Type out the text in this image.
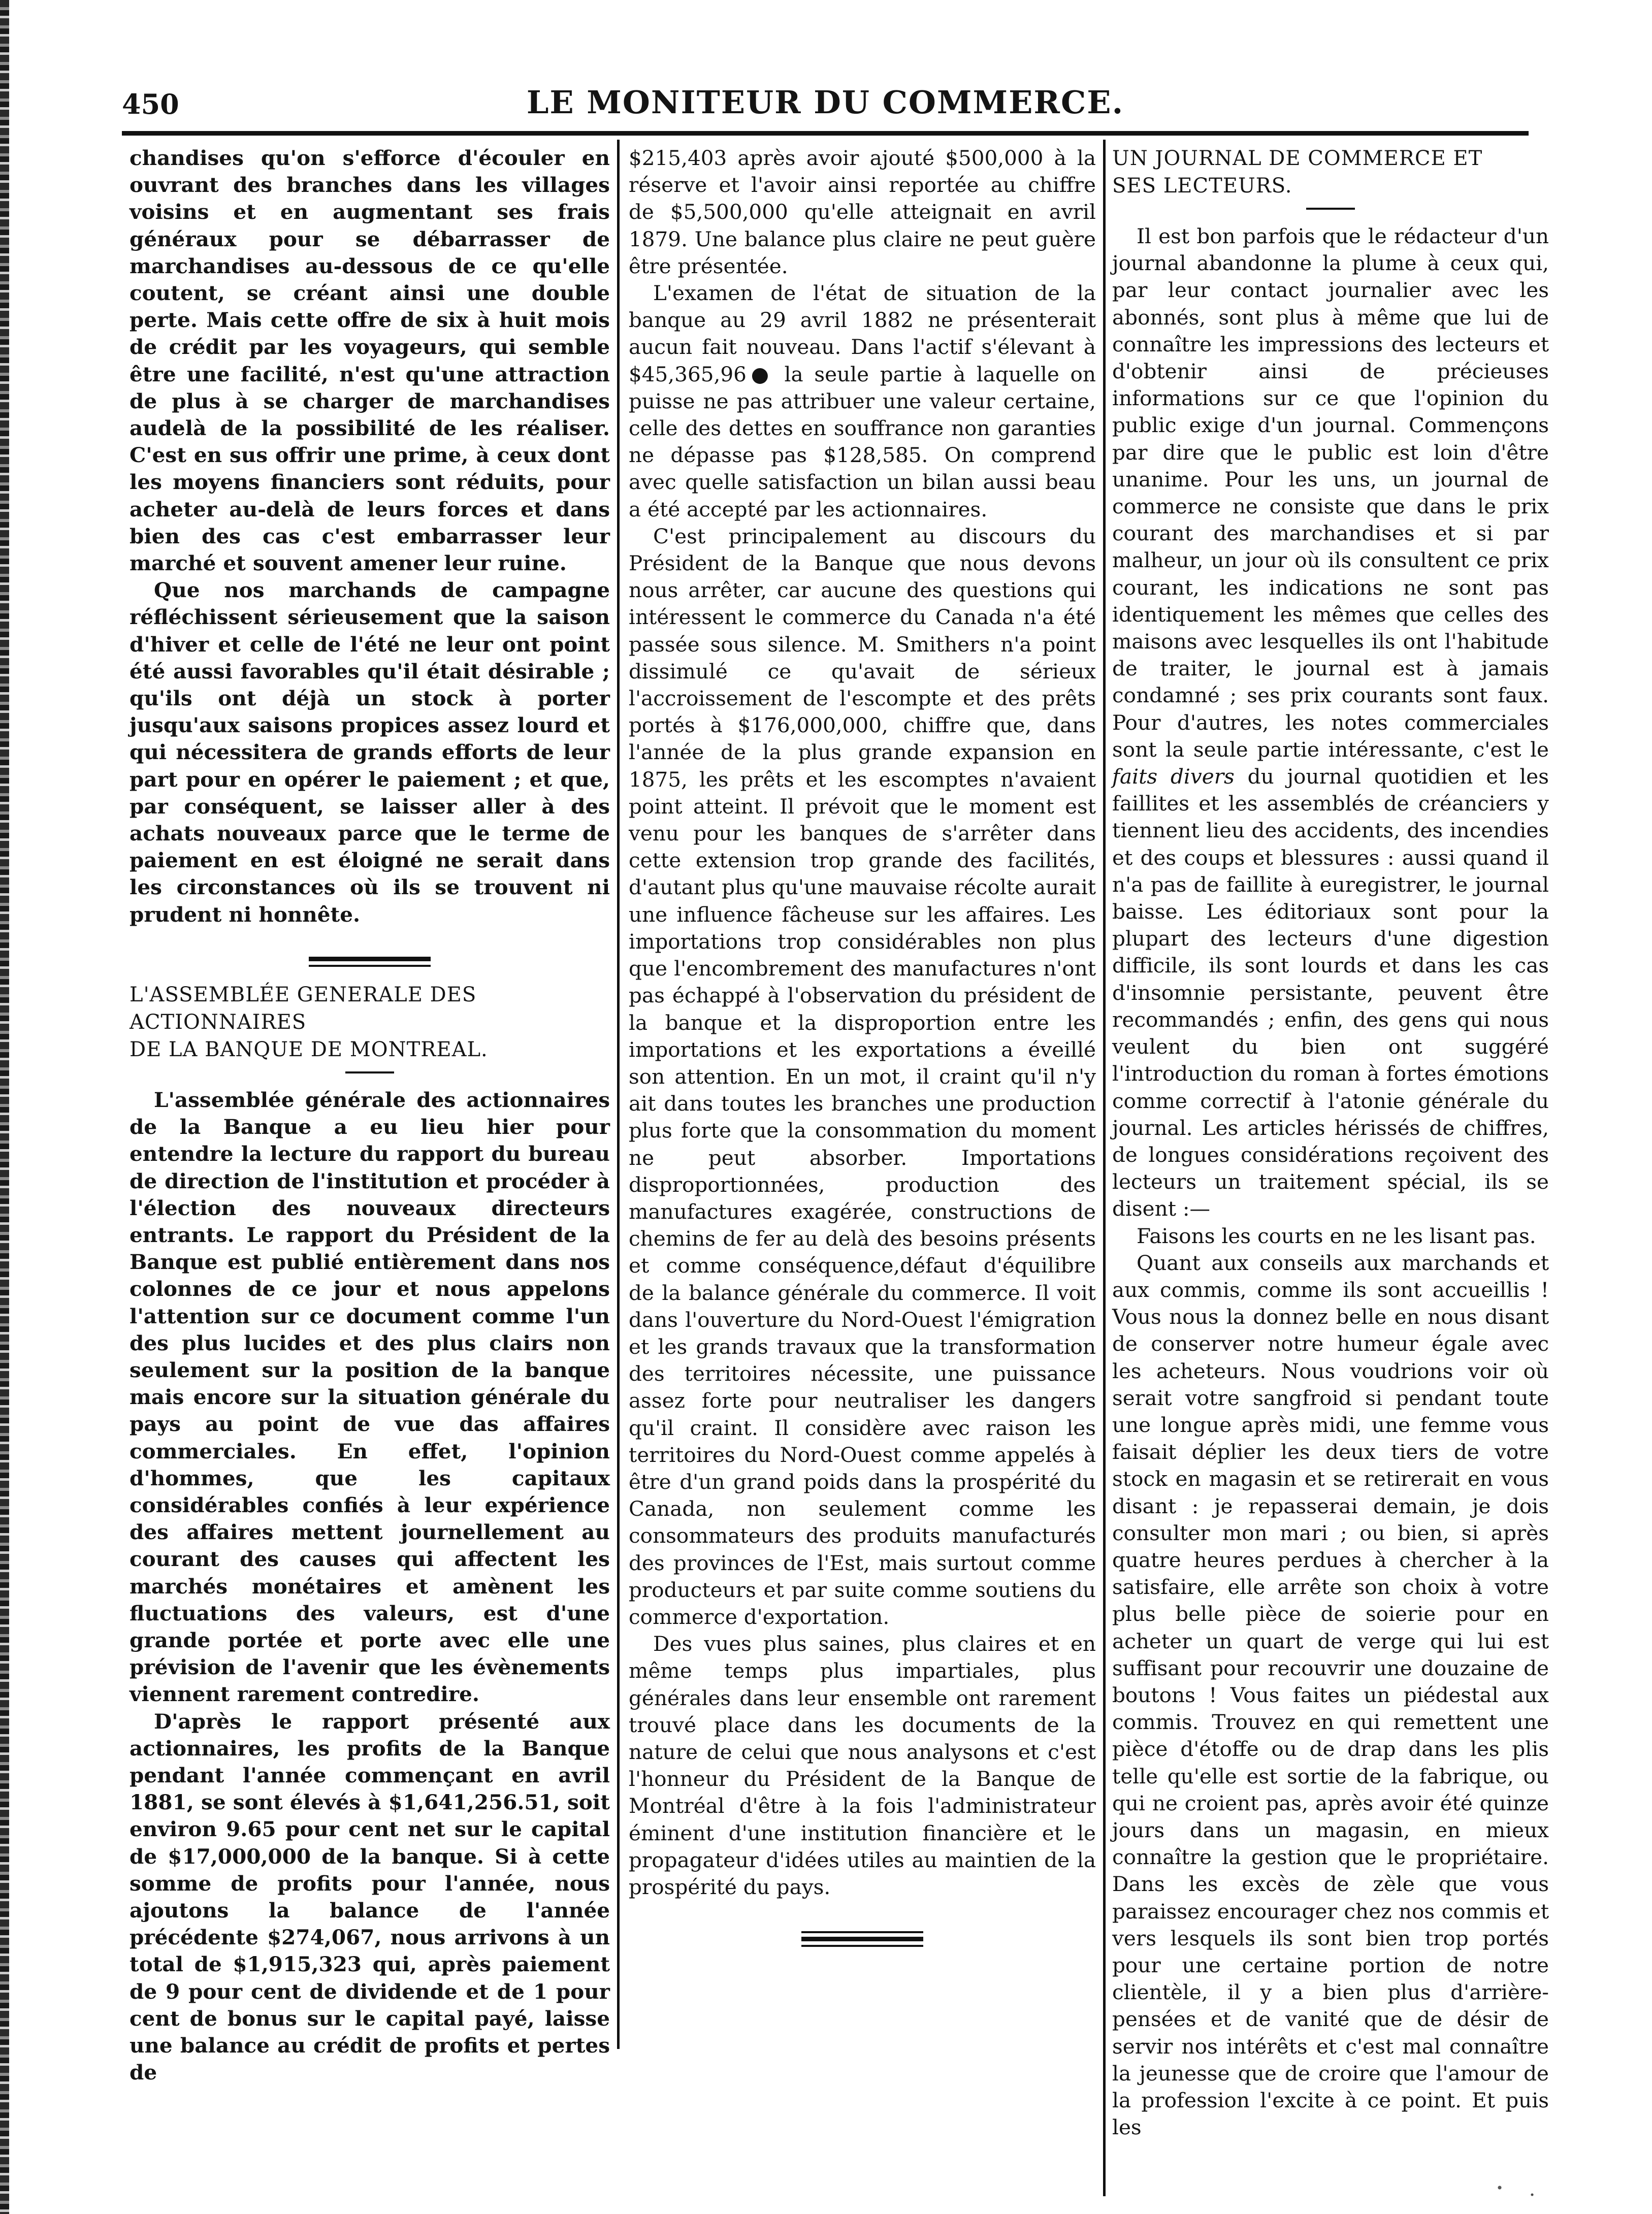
450	LE MONITEUR DU COMMERCE.

chandises qu'on s'efforce d'écouler en ouvrant des branches dans les villages voisins et en augmentant ses frais généraux pour se débarrasser de marchandises au-dessous de ce qu'elle coutent, se créant ainsi une double perte. Mais cette offre de six à huit mois de crédit par les voyageurs, qui semble être une facilité, n'est qu'une attraction de plus à se charger de marchandises audelà de la possibilité de les réaliser. C'est en sus offrir une prime, à ceux dont les moyens financiers sont réduits, pour acheter au-delà de leurs forces et dans bien des cas c'est embarrasser leur marché et souvent amener leur ruine.

Que nos marchands de campagne réfléchissent sérieusement que la saison d'hiver et celle de l'été ne leur ont point été aussi favorables qu'il était désirable ; qu'ils ont déjà un stock à porter jusqu'aux saisons propices assez lourd et qui nécessitera de grands efforts de leur part pour en opérer le paiement ; et que, par conséquent, se laisser aller à des achats nouveaux parce que le terme de paiement en est éloigné ne serait dans les circonstances où ils se trouvent ni prudent ni honnête.

L'ASSEMBLÉE GENERALE DES

ACTIONNAIRES

DE LA BANQUE DE MONTREAL.

L'assemblée générale des actionnaires de la Banque a eu lieu hier pour entendre la lecture du rapport du bureau de direction de l'institution et procéder à l'élection des nouveaux directeurs entrants. Le rapport du Président de la Banque est publié entièrement dans nos colonnes de ce jour et nous appelons l'attention sur ce document comme l'un des plus lucides et des plus clairs non seulement sur la position de la banque mais encore sur la situation générale du pays au point de vue das affaires commerciales. En effet, l'opinion d'hommes, que les capitaux considérables confiés à leur expérience des affaires mettent journellement au courant des causes qui affectent les marchés monétaires et amènent les fluctuations des valeurs, est d'une grande portée et porte avec elle une prévision de l'avenir que les évènements viennent rarement contredire.

D'après le rapport présenté aux actionnaires, les profits de la Banque pendant l'année commençant en avril 1881, se sont élevés à $1,641,256.51, soit environ 9.65 pour cent net sur le capital de $17,000,000 de la banque. Si à cette somme de profits pour l'année, nous ajoutons la balance de l'année précédente $274,067, nous arrivons à un total de $1,915,323 qui, après paiement de 9 pour cent de dividende et de 1 pour cent de bonus sur le capital payé, laisse une balance au crédit de profits et pertes de

$215,403 après avoir ajouté $500,000 à la réserve et l'avoir ainsi reportée au chiffre de $5,500,000 qu'elle atteignait en avril 1879. Une balance plus claire ne peut guère être présentée.

L'examen de l'état de situation de la banque au 29 avril 1882 ne présenterait aucun fait nouveau. Dans l'actif s'élevant à $45,365,96● la seule partie à laquelle on puisse ne pas attribuer une valeur certaine, celle des dettes en souffrance non garanties ne dépasse pas $128,585. On comprend avec quelle satisfaction un bilan aussi beau a été accepté par les actionnaires.

C'est principalement au discours du Président de la Banque que nous devons nous arrêter, car aucune des questions qui intéressent le commerce du Canada n'a été passée sous silence. M. Smithers n'a point dissimulé ce qu'avait de sérieux l'accroissement de l'escompte et des prêts portés à $176,000,000, chiffre que, dans l'année de la plus grande expansion en 1875, les prêts et les escomptes n'avaient point atteint. Il prévoit que le moment est venu pour les banques de s'arrêter dans cette extension trop grande des facilités, d'autant plus qu'une mauvaise récolte aurait une influence fâcheuse sur les affaires. Les importations trop considérables non plus que l'encombrement des manufactures n'ont pas échappé à l'observation du président de la banque et la disproportion entre les importations et les exportations a éveillé son attention. En un mot, il craint qu'il n'y ait dans toutes les branches une production plus forte que la consommation du moment ne peut absorber. Importations disproportionnées, production des manufactures exagérée, constructions de chemins de fer au delà des besoins présents et comme conséquence,défaut d'équilibre de la balance générale du commerce. Il voit dans l'ouverture du Nord-Ouest l'émigration et les grands travaux que la transformation des territoires nécessite, une puissance assez forte pour neutraliser les dangers qu'il craint. Il considère avec raison les territoires du Nord-Ouest comme appelés à être d'un grand poids dans la prospérité du Canada, non seulement comme les consommateurs des produits manufacturés des provinces de l'Est, mais surtout comme producteurs et par suite comme soutiens du commerce d'exportation.

Des vues plus saines, plus claires et en même temps plus impartiales, plus générales dans leur ensemble ont rarement trouvé place dans les documents de la nature de celui que nous analysons et c'est l'honneur du Président de la Banque de Montréal d'être à la fois l'administrateur éminent d'une institution financière et le propagateur d'idées utiles au maintien de la prospérité du pays.

UN JOURNAL DE COMMERCE ET

SES LECTEURS.

Il est bon parfois que le rédacteur d'un journal abandonne la plume à ceux qui, par leur contact journalier avec les abonnés, sont plus à même que lui de connaître les impressions des lecteurs et d'obtenir ainsi de précieuses informations sur ce que l'opinion du public exige d'un journal. Commençons par dire que le public est loin d'être unanime. Pour les uns, un journal de commerce ne consiste que dans le prix courant des marchandises et si par malheur, un jour où ils consultent ce prix courant, les indications ne sont pas identiquement les mêmes que celles des maisons avec lesquelles ils ont l'habitude de traiter, le journal est à jamais condamné ; ses prix courants sont faux. Pour d'autres, les notes commerciales sont la seule partie intéressante, c'est le faits divers du journal quotidien et les faillites et les assemblés de créanciers y tiennent lieu des accidents, des incendies et des coups et blessures : aussi quand il n'a pas de faillite à euregistrer, le journal baisse. Les éditoriaux sont pour la plupart des lecteurs d'une digestion difficile, ils sont lourds et dans les cas d'insomnie persistante, peuvent être recommandés ; enfin, des gens qui nous veulent du bien ont suggéré l'introduction du roman à fortes émotions comme correctif à l'atonie générale du journal. Les articles hérissés de chiffres, de longues considérations reçoivent des lecteurs un traitement spécial, ils se disent :—

Faisons les courts en ne les lisant pas.

Quant aux conseils aux marchands et aux commis, comme ils sont accueillis ! Vous nous la donnez belle en nous disant de conserver notre humeur égale avec les acheteurs. Nous voudrions voir où serait votre sangfroid si pendant toute une longue après midi, une femme vous faisait déplier les deux tiers de votre stock en magasin et se retirerait en vous disant : je repasserai demain, je dois consulter mon mari ; ou bien, si après quatre heures perdues à chercher à la satisfaire, elle arrête son choix à votre plus belle pièce de soierie pour en acheter un quart de verge qui lui est suffisant pour recouvrir une douzaine de boutons ! Vous faites un piédestal aux commis. Trouvez en qui remettent une pièce d'étoffe ou de drap dans les plis telle qu'elle est sortie de la fabrique, ou qui ne croient pas, après avoir été quinze jours dans un magasin, en mieux connaître la gestion que le propriétaire. Dans les excès de zèle que vous paraissez encourager chez nos commis et vers lesquels ils sont bien trop portés pour une certaine portion de notre clientèle, il y a bien plus d'arrière-pensées et de vanité que de désir de servir nos intérêts et c'est mal connaître la jeunesse que de croire que l'amour de la profession l'excite à ce point. Et puis les
